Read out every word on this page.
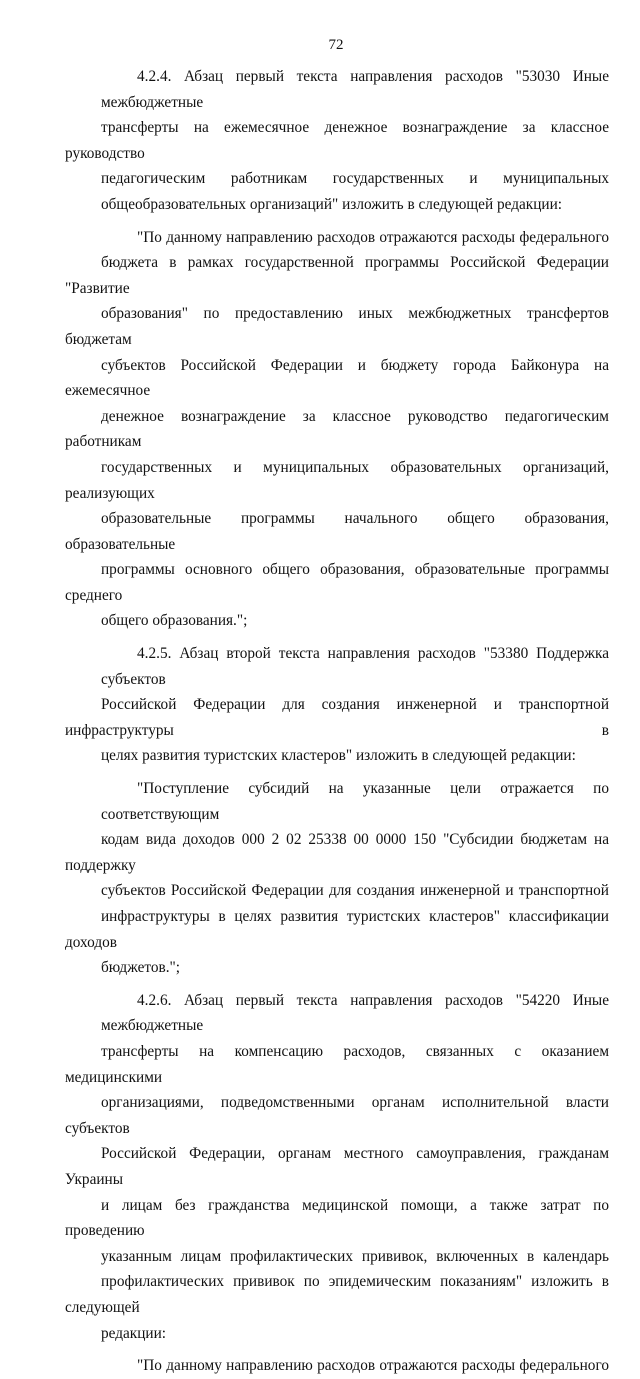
72
4.2.4. Абзац первый текста направления расходов "53030 Иные межбюджетные
трансферты на ежемесячное денежное вознаграждение за классное руководство
педагогическим работникам государственных и муниципальных
общеобразовательных организаций" изложить в следующей редакции:
"По данному направлению расходов отражаются расходы федерального
бюджета в рамках государственной программы Российской Федерации "Развитие
образования" по предоставлению иных межбюджетных трансфертов бюджетам
субъектов Российской Федерации и бюджету города Байконура на ежемесячное
денежное вознаграждение за классное руководство педагогическим работникам
государственных и муниципальных образовательных организаций, реализующих
образовательные программы начального общего образования, образовательные
программы основного общего образования, образовательные программы среднего
общего образования.";
4.2.5. Абзац второй текста направления расходов "53380 Поддержка субъектов
Российской Федерации для создания инженерной и транспортной инфраструктуры в
целях развития туристских кластеров" изложить в следующей редакции:
"Поступление субсидий на указанные цели отражается по соответствующим
кодам вида доходов 000 2 02 25338 00 0000 150 "Субсидии бюджетам на поддержку
субъектов Российской Федерации для создания инженерной и транспортной
инфраструктуры в целях развития туристских кластеров" классификации доходов
бюджетов.";
4.2.6. Абзац первый текста направления расходов "54220 Иные межбюджетные
трансферты на компенсацию расходов, связанных с оказанием медицинскими
организациями, подведомственными органам исполнительной власти субъектов
Российской Федерации, органам местного самоуправления, гражданам Украины
и лицам без гражданства медицинской помощи, а также затрат по проведению
указанным лицам профилактических прививок, включенных в календарь
профилактических прививок по эпидемическим показаниям" изложить в следующей
редакции:
"По данному направлению расходов отражаются расходы федерального
